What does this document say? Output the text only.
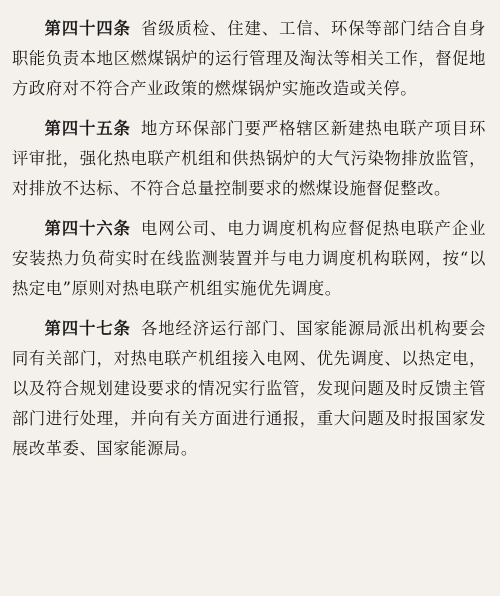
第四十四条 省级质检、住建、工信、环保等部门结合自身职能负责本地区燃煤锅炉的运行管理及淘汰等相关工作，督促地方政府对不符合产业政策的燃煤锅炉实施改造或关停。

第四十五条 地方环保部门要严格辖区新建热电联产项目环评审批，强化热电联产机组和供热锅炉的大气污染物排放监管，对排放不达标、不符合总量控制要求的燃煤设施督促整改。

第四十六条 电网公司、电力调度机构应督促热电联产企业安装热力负荷实时在线监测装置并与电力调度机构联网，按“以热定电”原则对热电联产机组实施优先调度。

第四十七条 各地经济运行部门、国家能源局派出机构要会同有关部门，对热电联产机组接入电网、优先调度、以热定电，以及符合规划建设要求的情况实行监管，发现问题及时反馈主管部门进行处理，并向有关方面进行通报，重大问题及时报国家发展改革委、国家能源局。
